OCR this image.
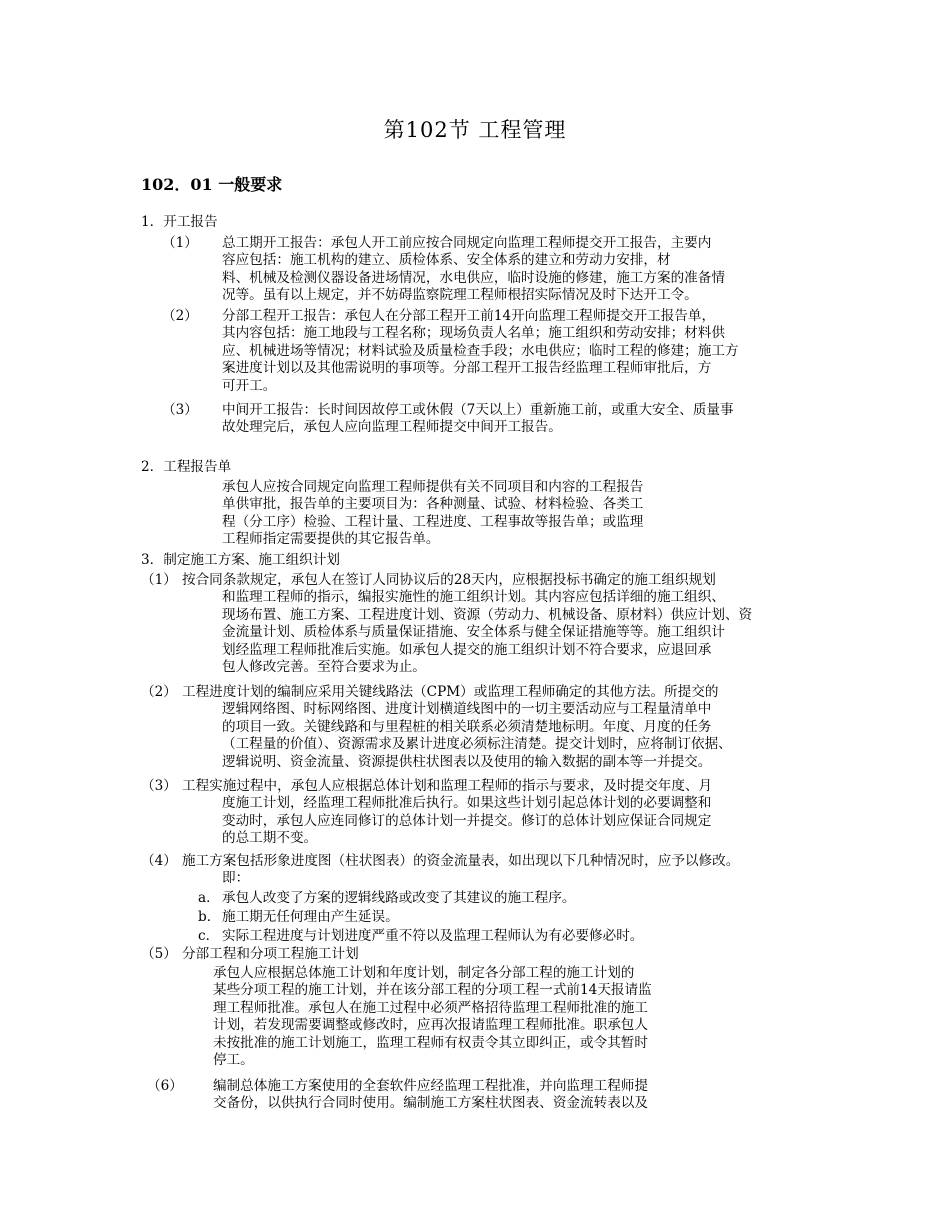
第102节 工程管理
102．01 一般要求
1．开工报告
（1） 总工期开工报告：承包人开工前应按合同规定向监理工程师提交开工报告，主要内
容应包括：施工机构的建立、质检体系、安全体系的建立和劳动力安排，材
料、机械及检测仪器设备进场情况，水电供应，临时设施的修建，施工方案的准备情
况等。虽有以上规定，并不妨碍监察院理工程师根招实际情况及时下达开工令。
（2） 分部工程开工报告：承包人在分部工程开工前14开向监理工程师提交开工报告单，
其内容包括：施工地段与工程名称；现场负责人名单；施工组织和劳动安排；材料供
应、机械进场等情况；材料试验及质量检查手段；水电供应；临时工程的修建；施工方
案进度计划以及其他需说明的事项等。分部工程开工报告经监理工程师审批后，方
可开工。
（3） 中间开工报告：长时间因故停工或休假（7天以上）重新施工前，或重大安全、质量事
故处理完后，承包人应向监理工程师提交中间开工报告。
2．工程报告单
承包人应按合同规定向监理工程师提供有关不同项目和内容的工程报告
单供审批，报告单的主要项目为：各种测量、试验、材料检验、各类工
程（分工序）检验、工程计量、工程进度、工程事故等报告单；或监理
工程师指定需要提供的其它报告单。
3．制定施工方案、施工组织计划
（1） 按合同条款规定，承包人在签订人同协议后的28天内，应根据投标书确定的施工组织规划
和监理工程师的指示，编报实施性的施工组织计划。其内容应包括详细的施工组织、
现场布置、施工方案、工程进度计划、资源（劳动力、机械设备、原材料）供应计划、资
金流量计划、质检体系与质量保证措施、安全体系与健全保证措施等等。施工组织计
划经监理工程师批准后实施。如承包人提交的施工组织计划不符合要求，应退回承
包人修改完善。至符合要求为止。
（2） 工程进度计划的编制应采用关键线路法（CPM）或监理工程师确定的其他方法。所提交的
逻辑网络图、时标网络图、进度计划横道线图中的一切主要活动应与工程量清单中
的项目一致。关键线路和与里程桩的相关联系必须清楚地标明。年度、月度的任务
（工程量的价值）、资源需求及累计进度必须标注清楚。提交计划时，应将制订依据、
逻辑说明、资金流量、资源提供柱状图表以及使用的输入数据的副本等一并提交。
（3） 工程实施过程中，承包人应根据总体计划和监理工程师的指示与要求，及时提交年度、月
度施工计划，经监理工程师批准后执行。如果这些计划引起总体计划的必要调整和
变动时，承包人应连同修订的总体计划一并提交。修订的总体计划应保证合同规定
的总工期不变。
（4） 施工方案包括形象进度图（柱状图表）的资金流量表，如出现以下几种情况时，应予以修改。
即：
a． 承包人改变了方案的逻辑线路或改变了其建议的施工程序。
b． 施工期无任何理由产生延误。
c． 实际工程进度与计划进度严重不符以及监理工程师认为有必要修必时。
（5） 分部工程和分项工程施工计划
承包人应根据总体施工计划和年度计划，制定各分部工程的施工计划的
某些分项工程的施工计划，并在该分部工程的分项工程一式前14天报请监
理工程师批准。承包人在施工过程中必须严格招待监理工程师批准的施工
计划，若发现需要调整或修改时，应再次报请监理工程师批准。职承包人
未按批准的施工计划施工，监理工程师有权责令其立即纠正，或令其暂时
停工。
（6） 编制总体施工方案使用的全套软件应经监理工程批准，并向监理工程师提
交备份，以供执行合同时使用。编制施工方案柱状图表、资金流转表以及
